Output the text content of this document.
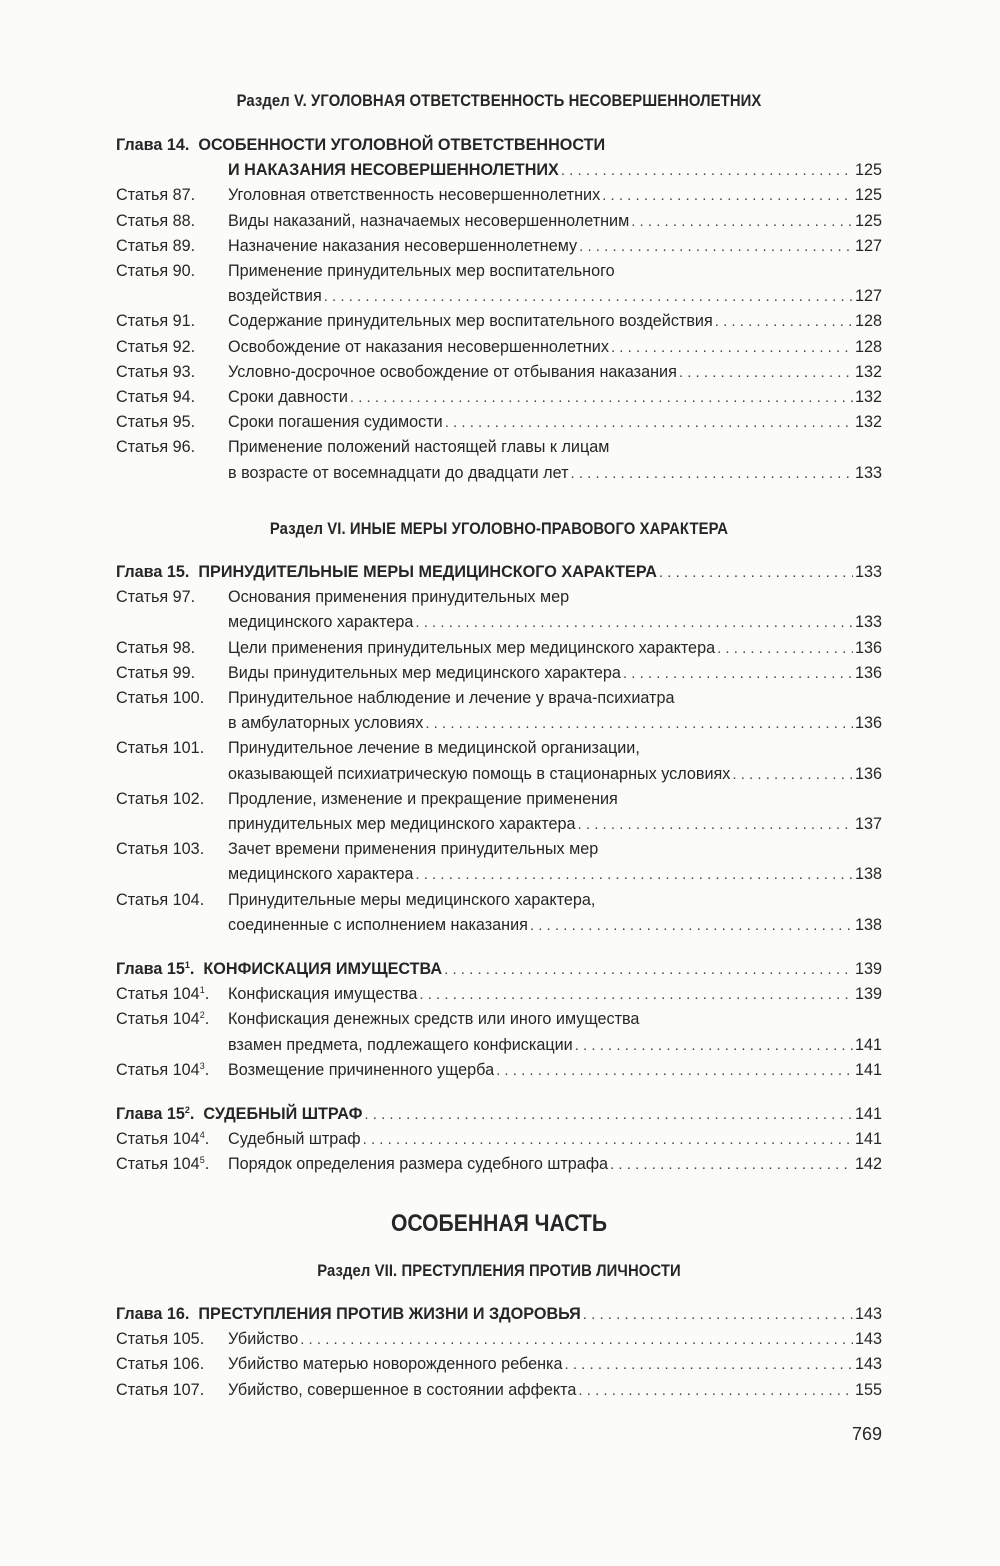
Раздел V. УГОЛОВНАЯ ОТВЕТСТВЕННОСТЬ НЕСОВЕРШЕННОЛЕТНИХ
Глава 14. ОСОБЕННОСТИ УГОЛОВНОЙ ОТВЕТСТВЕННОСТИ
И НАКАЗАНИЯ НЕСОВЕРШЕННОЛЕТНИХ . . .	125
Статья 87.	Уголовная ответственность несовершеннолетних . . .	125
Статья 88.	Виды наказаний, назначаемых несовершеннолетним . . .	125
Статья 89.	Назначение наказания несовершеннолетнему . . .	127
Статья 90.	Применение принудительных мер воспитательного
воздействия . . .	127
Статья 91.	Содержание принудительных мер воспитательного воздействия . . .	128
Статья 92.	Освобождение от наказания несовершеннолетних . . .	128
Статья 93.	Условно-досрочное освобождение от отбывания наказания . . .	132
Статья 94.	Сроки давности . . .	132
Статья 95.	Сроки погашения судимости . . .	132
Статья 96.	Применение положений настоящей главы к лицам
в возрасте от восемнадцати до двадцати лет . . .	133
Раздел VI. ИНЫЕ МЕРЫ УГОЛОВНО-ПРАВОВОГО ХАРАКТЕРА
Глава 15. ПРИНУДИТЕЛЬНЫЕ МЕРЫ МЕДИЦИНСКОГО ХАРАКТЕРА . . .	133
Статья 97.	Основания применения принудительных мер
медицинского характера . . .	133
Статья 98.	Цели применения принудительных мер медицинского характера . . .	136
Статья 99.	Виды принудительных мер медицинского характера . . .	136
Статья 100.	Принудительное наблюдение и лечение у врача-психиатра
в амбулаторных условиях . . .	136
Статья 101.	Принудительное лечение в медицинской организации,
оказывающей психиатрическую помощь в стационарных условиях . . .	136
Статья 102.	Продление, изменение и прекращение применения
принудительных мер медицинского характера . . .	137
Статья 103.	Зачет времени применения принудительных мер
медицинского характера . . .	138
Статья 104.	Принудительные меры медицинского характера,
соединенные с исполнением наказания . . .	138
Глава $15^1$. КОНФИСКАЦИЯ ИМУЩЕСТВА . . .	139
Статья $104^1$.	Конфискация имущества . . .	139
Статья $104^2$.	Конфискация денежных средств или иного имущества
взамен предмета, подлежащего конфискации . . .	141
Статья $104^3$.	Возмещение причиненного ущерба . . .	141
Глава $15^2$. СУДЕБНЫЙ ШТРАФ . . .	141
Статья $104^4$.	Судебный штраф . . .	141
Статья $104^5$.	Порядок определения размера судебного штрафа . . .	142
ОСОБЕННАЯ ЧАСТЬ
Раздел VII. ПРЕСТУПЛЕНИЯ ПРОТИВ ЛИЧНОСТИ
Глава 16. ПРЕСТУПЛЕНИЯ ПРОТИВ ЖИЗНИ И ЗДОРОВЬЯ . . .	143
Статья 105.	Убийство . . .	143
Статья 106.	Убийство матерью новорожденного ребенка . . .	143
Статья 107.	Убийство, совершенное в состоянии аффекта . . .	155
769
